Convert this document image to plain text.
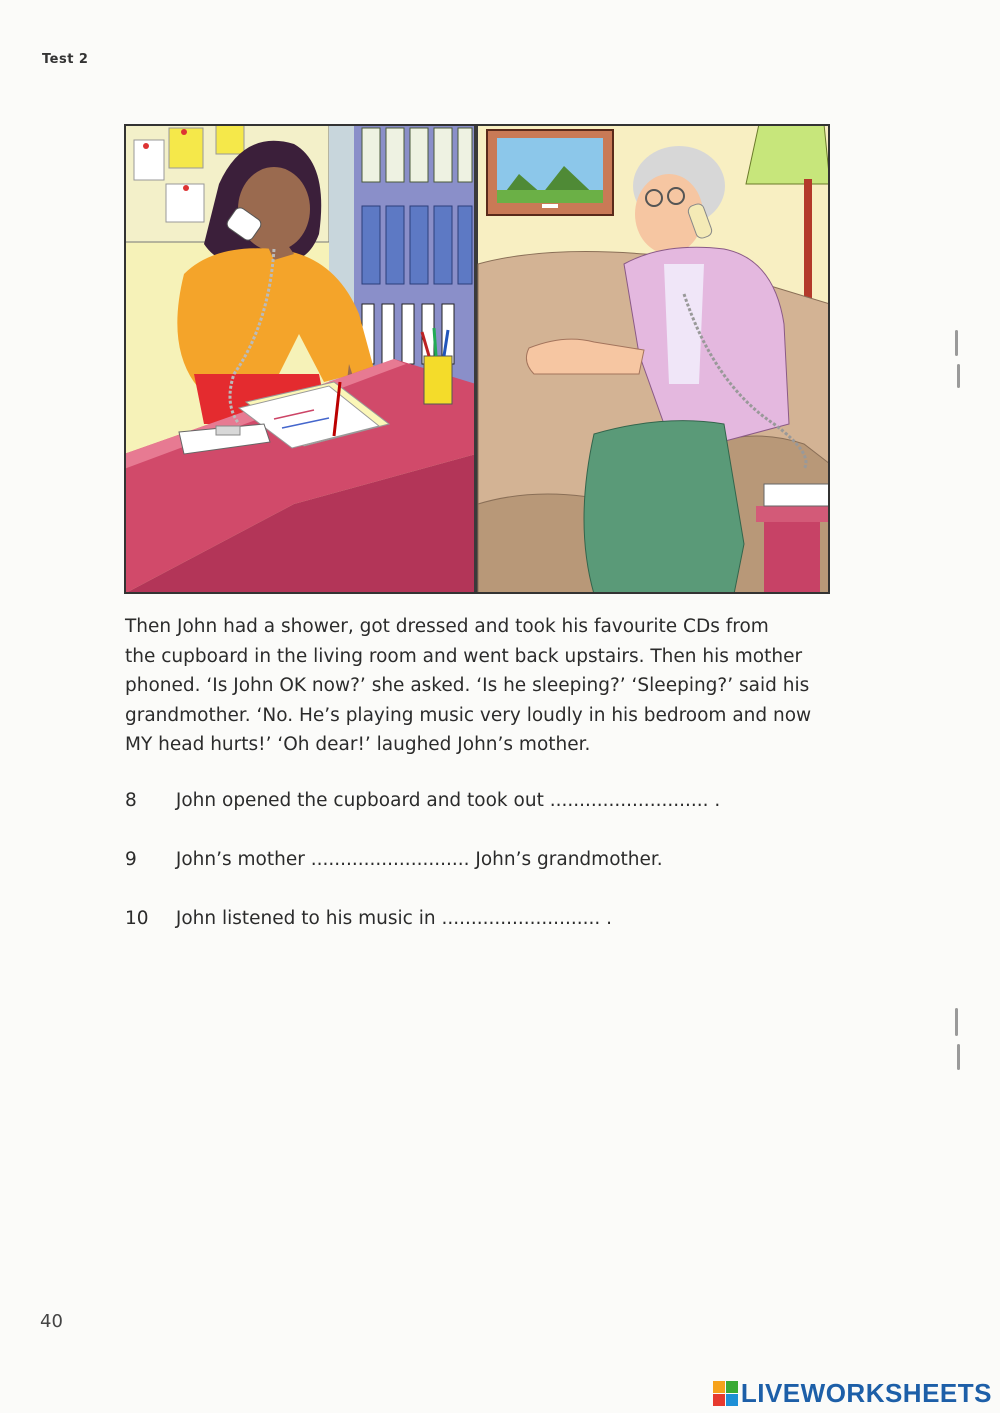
Test 2
Then John had a shower, got dressed and took his favourite CDs from
the cupboard in the living room and went back upstairs. Then his mother
phoned. ‘Is John OK now?’ she asked. ‘Is he sleeping?’ ‘Sleeping?’ said his
grandmother. ‘No. He’s playing music very loudly in his bedroom and now
MY head hurts!’ ‘Oh dear!’ laughed John’s mother.
8 John opened the cupboard and took out ........................... .
9 John’s mother ........................... John’s grandmother.
10 John listened to his music in ........................... .
40
LIVEWORKSHEETS
